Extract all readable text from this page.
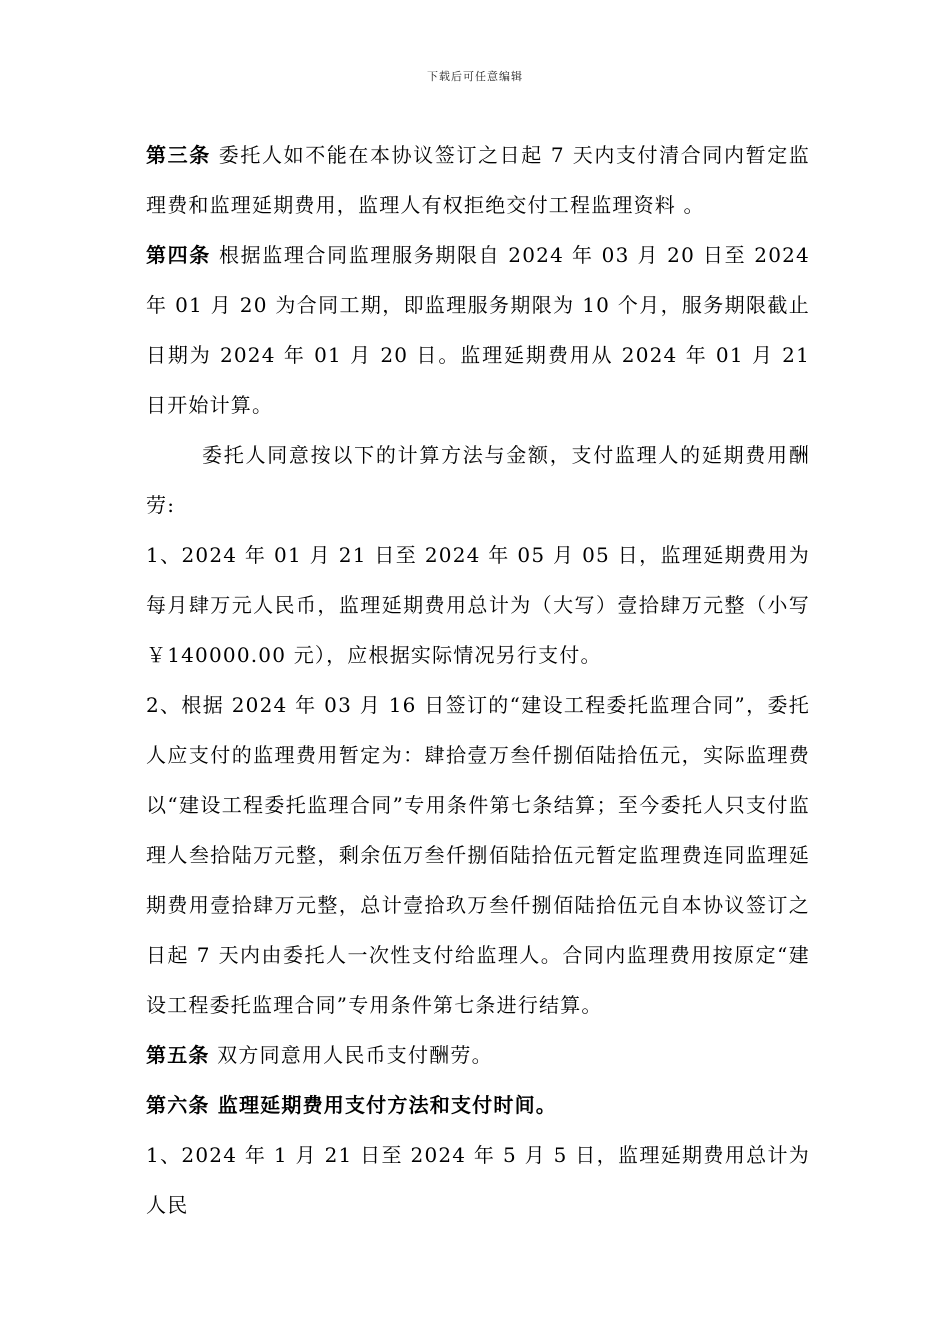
下载后可任意编辑

第三条 委托人如不能在本协议签订之日起 7 天内支付清合同内暂定监理费和监理延期费用，监理人有权拒绝交付工程监理资料 。

第四条 根据监理合同监理服务期限自 2024 年 03 月 20 日至 2024 年 01 月 20 为合同工期，即监理服务期限为 10 个月，服务期限截止日期为 2024 年 01 月 20 日。监理延期费用从 2024 年 01 月 21 日开始计算。

委托人同意按以下的计算方法与金额，支付监理人的延期费用酬劳:

1、2024 年 01 月 21 日至 2024 年 05 月 05 日，监理延期费用为每月肆万元人民币，监理延期费用总计为（大写）壹拾肆万元整（小写￥140000.00 元），应根据实际情况另行支付。

2、根据 2024 年 03 月 16 日签订的“建设工程委托监理合同”，委托人应支付的监理费用暂定为：肆拾壹万叁仟捌佰陆拾伍元，实际监理费以“建设工程委托监理合同”专用条件第七条结算；至今委托人只支付监理人叁拾陆万元整，剩余伍万叁仟捌佰陆拾伍元暂定监理费连同监理延期费用壹拾肆万元整，总计壹拾玖万叁仟捌佰陆拾伍元自本协议签订之日起 7 天内由委托人一次性支付给监理人。合同内监理费用按原定“建设工程委托监理合同”专用条件第七条进行结算。

第五条 双方同意用人民币支付酬劳。

第六条 监理延期费用支付方法和支付时间。

1、2024 年 1 月 21 日至 2024 年 5 月 5 日，监理延期费用总计为人民
